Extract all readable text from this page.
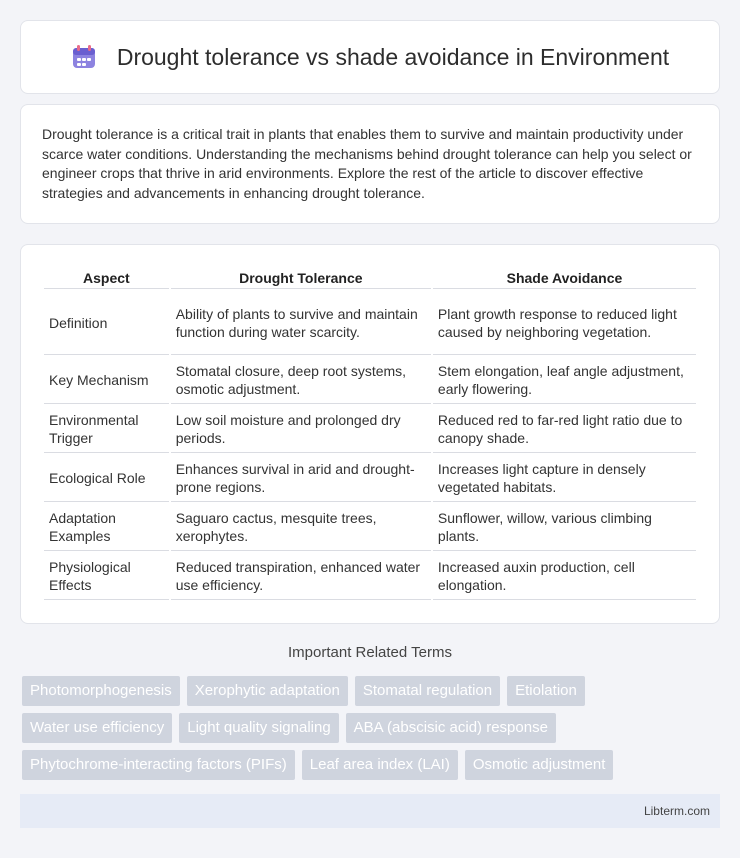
Drought tolerance vs shade avoidance in Environment

Drought tolerance is a critical trait in plants that enables them to survive and maintain productivity under scarce water conditions. Understanding the mechanisms behind drought tolerance can help you select or engineer crops that thrive in arid environments. Explore the rest of the article to discover effective strategies and advancements in enhancing drought tolerance.

Aspect	Drought Tolerance	Shade Avoidance
Definition	Ability of plants to survive and maintain function during water scarcity.	Plant growth response to reduced light caused by neighboring vegetation.
Key Mechanism	Stomatal closure, deep root systems, osmotic adjustment.	Stem elongation, leaf angle adjustment, early flowering.
Environmental Trigger	Low soil moisture and prolonged dry periods.	Reduced red to far-red light ratio due to canopy shade.
Ecological Role	Enhances survival in arid and drought-prone regions.	Increases light capture in densely vegetated habitats.
Adaptation Examples	Saguaro cactus, mesquite trees, xerophytes.	Sunflower, willow, various climbing plants.
Physiological Effects	Reduced transpiration, enhanced water use efficiency.	Increased auxin production, cell elongation.
Important Related Terms
Photomorphogenesis	Xerophytic adaptation	Stomatal regulation	Etiolation
Water use efficiency	Light quality signaling	ABA (abscisic acid) response
Phytochrome-interacting factors (PIFs)	Leaf area index (LAI)	Osmotic adjustment
Libterm.com
